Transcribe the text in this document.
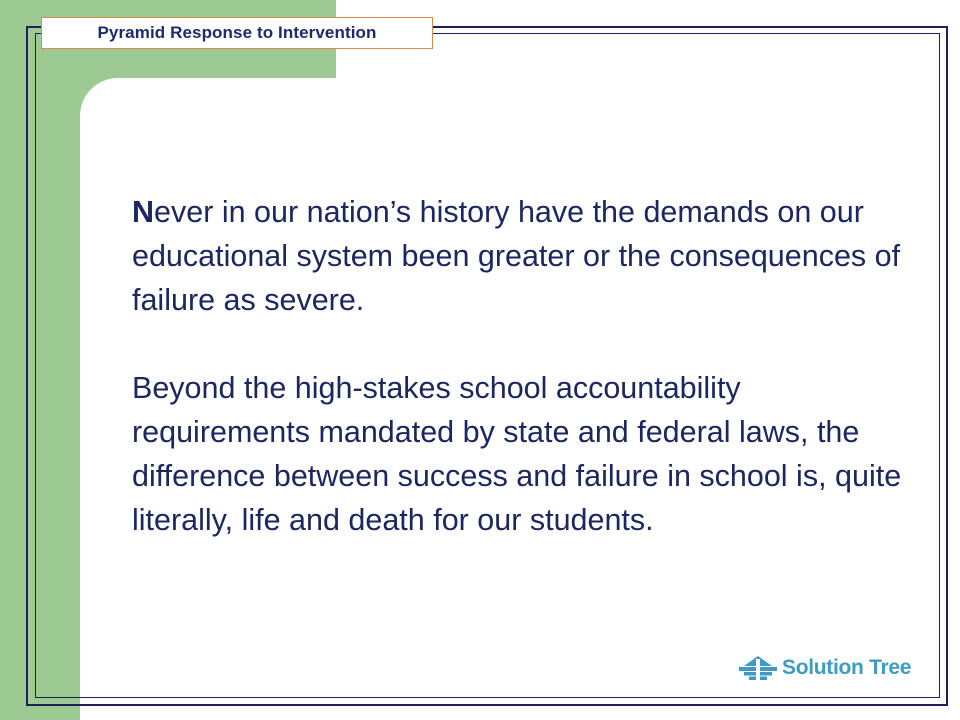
Pyramid Response to Intervention

Never in our nation’s history have the demands on our educational system been greater or the consequences of failure as severe.

Beyond the high-stakes school accountability requirements mandated by state and federal laws, the difference between success and failure in school is, quite literally, life and death for our students.

Solution Tree
